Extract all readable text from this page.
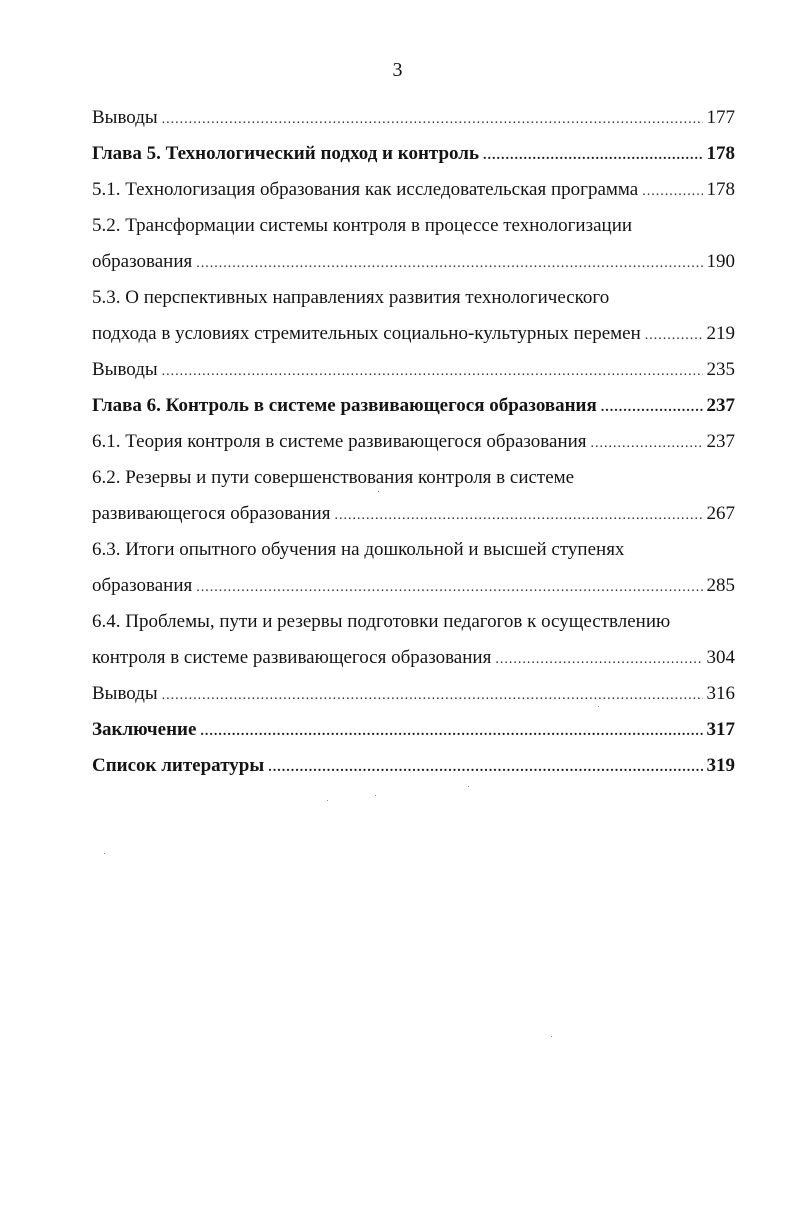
3
Выводы .....	177
Глава 5. Технологический подход и контроль .....	178
5.1. Технологизация образования как исследовательская программа .....	178
5.2. Трансформации системы контроля в процессе технологизации
образования .....	190
5.3. О перспективных направлениях развития технологического
подхода в условиях стремительных социально-культурных перемен .....	219
Выводы .....	235
Глава 6. Контроль в системе развивающегося образования .....	237
6.1. Теория контроля в системе развивающегося образования .....	237
6.2. Резервы и пути совершенствования контроля в системе
развивающегося образования .....	267
6.3. Итоги опытного обучения на дошкольной и высшей ступенях
образования .....	285
6.4. Проблемы, пути и резервы подготовки педагогов к осуществлению
контроля в системе развивающегося образования .....	304
Выводы .....	316
Заключение .....	317
Список литературы .....	319
